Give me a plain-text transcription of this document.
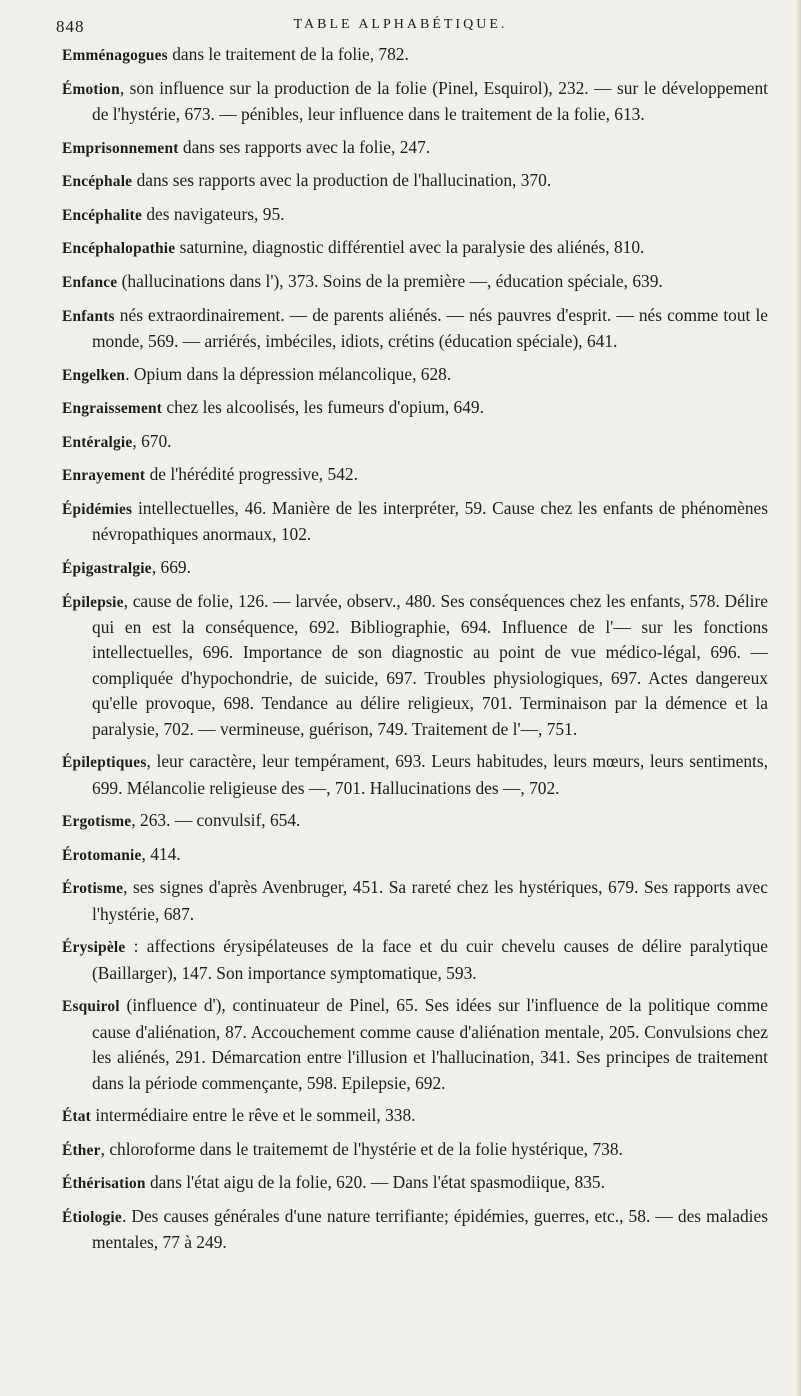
848	TABLE ALPHABÉTIQUE.

Emménagogues dans le traitement de la folie, 782.

Émotion, son influence sur la production de la folie (Pinel, Esquirol), 232. — sur le développement de l'hystérie, 673. — pénibles, leur influence dans le traitement de la folie, 613.

Emprisonnement dans ses rapports avec la folie, 247.

Encéphale dans ses rapports avec la production de l'hallucination, 370.

Encéphalite des navigateurs, 95.

Encéphalopathie saturnine, diagnostic différentiel avec la paralysie des aliénés, 810.

Enfance (hallucinations dans l'), 373. Soins de la première —, éducation spéciale, 639.

Enfants nés extraordinairement. — de parents aliénés. — nés pauvres d'esprit. — nés comme tout le monde, 569. — arriérés, imbéciles, idiots, crétins (éducation spéciale), 641.

Engelken. Opium dans la dépression mélancolique, 628.

Engraissement chez les alcoolisés, les fumeurs d'opium, 649.

Entéralgie, 670.

Enrayement de l'hérédité progressive, 542.

Épidémies intellectuelles, 46. Manière de les interpréter, 59. Cause chez les enfants de phénomènes névropathiques anormaux, 102.

Épigastralgie, 669.

Épilepsie, cause de folie, 126. — larvée, observ., 480. Ses conséquences chez les enfants, 578. Délire qui en est la conséquence, 692. Bibliographie, 694. Influence de l'— sur les fonctions intellectuelles, 696. Importance de son diagnostic au point de vue médico-légal, 696. — compliquée d'hypochondrie, de suicide, 697. Troubles physiologiques, 697. Actes dangereux qu'elle provoque, 698. Tendance au délire religieux, 701. Terminaison par la démence et la paralysie, 702. — vermineuse, guérison, 749. Traitement de l'—, 751.

Épileptiques, leur caractère, leur tempérament, 693. Leurs habitudes, leurs mœurs, leurs sentiments, 699. Mélancolie religieuse des —, 701. Hallucinations des —, 702.

Ergotisme, 263. — convulsif, 654.

Érotomanie, 414.

Érotisme, ses signes d'après Avenbruger, 451. Sa rareté chez les hystériques, 679. Ses rapports avec l'hystérie, 687.

Érysipèle : affections érysipélateuses de la face et du cuir chevelu causes de délire paralytique (Baillarger), 147. Son importance symptomatique, 593.

Esquirol (influence d'), continuateur de Pinel, 65. Ses idées sur l'influence de la politique comme cause d'aliénation, 87. Accouchement comme cause d'aliénation mentale, 205. Convulsions chez les aliénés, 291. Démarcation entre l'illusion et l'hallucination, 341. Ses principes de traitement dans la période commençante, 598. Epilepsie, 692.

État intermédiaire entre le rêve et le sommeil, 338.

Éther, chloroforme dans le traitememt de l'hystérie et de la folie hystérique, 738.

Éthérisation dans l'état aigu de la folie, 620. — Dans l'état spasmodiique, 835.

Étiologie. Des causes générales d'une nature terrifiante; épidémies, guerres, etc., 58. — des maladies mentales, 77 à 249.
